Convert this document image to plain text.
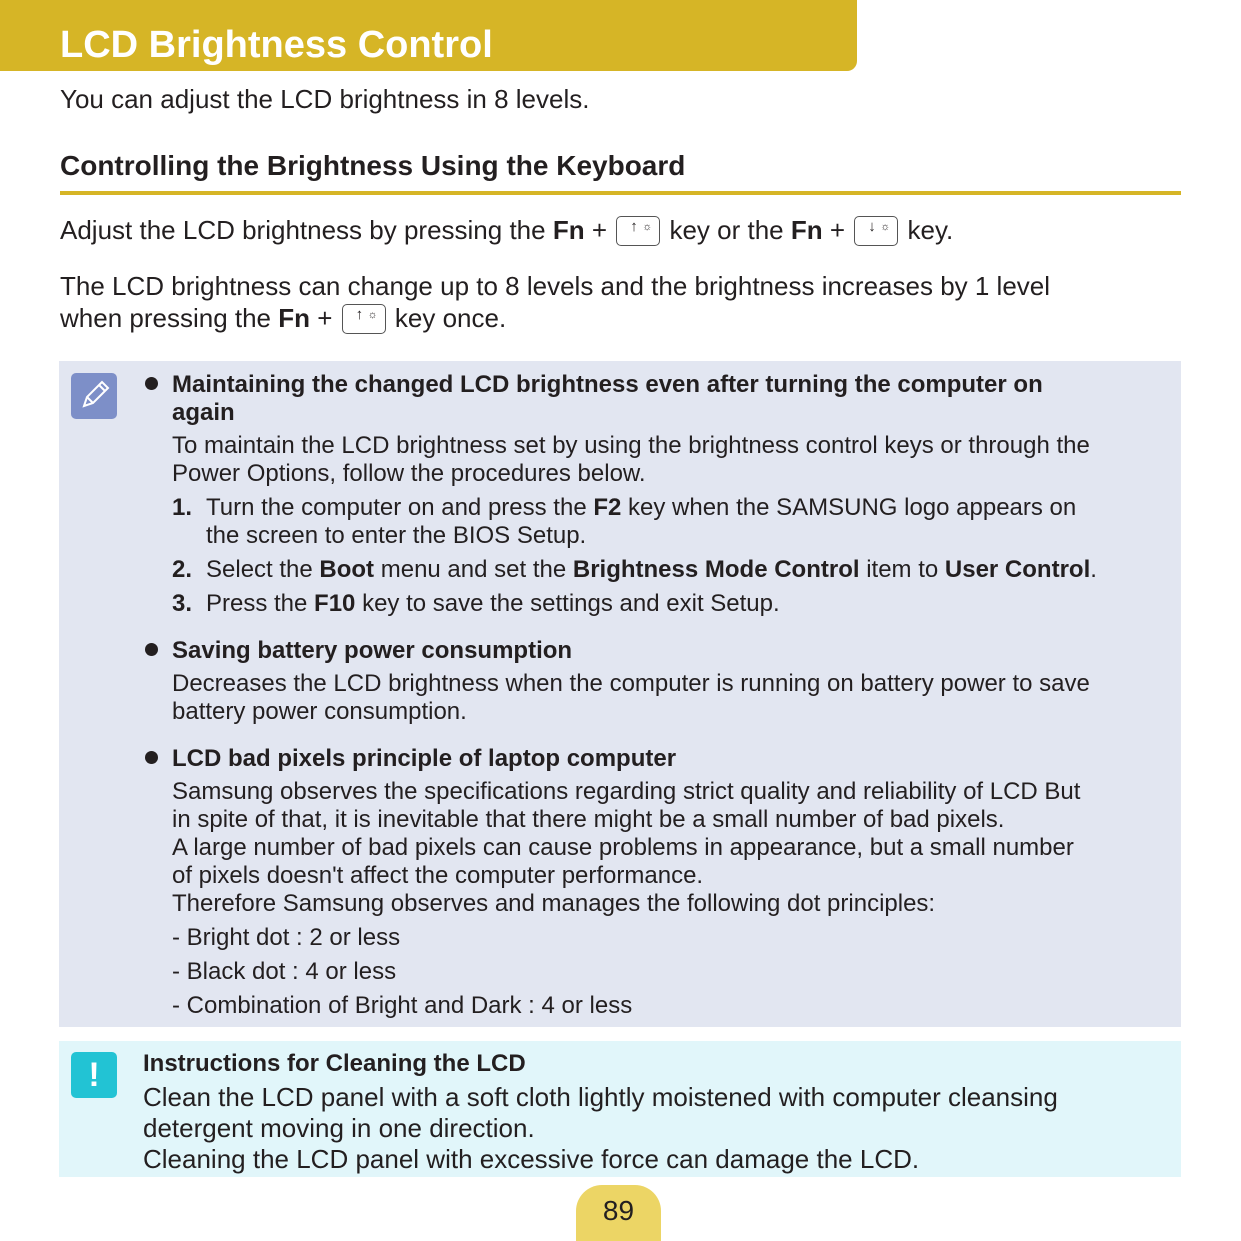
LCD Brightness Control
You can adjust the LCD brightness in 8 levels.
Controlling the Brightness Using the Keyboard
Adjust the LCD brightness by pressing the Fn + ↑ ☼ key or the Fn + ↓ ☼ key.
The LCD brightness can change up to 8 levels and the brightness increases by 1 level
when pressing the Fn + ↑ ☼ key once.
Maintaining the changed LCD brightness even after turning the computer on
again
To maintain the LCD brightness set by using the brightness control keys or through the
Power Options, follow the procedures below.
1. Turn the computer on and press the F2 key when the SAMSUNG logo appears on
the screen to enter the BIOS Setup.
2. Select the Boot menu and set the Brightness Mode Control item to User Control.
3. Press the F10 key to save the settings and exit Setup.
Saving battery power consumption
Decreases the LCD brightness when the computer is running on battery power to save
battery power consumption.
LCD bad pixels principle of laptop computer
Samsung observes the specifications regarding strict quality and reliability of LCD But
in spite of that, it is inevitable that there might be a small number of bad pixels.
A large number of bad pixels can cause problems in appearance, but a small number
of pixels doesn't affect the computer performance.
Therefore Samsung observes and manages the following dot principles:
- Bright dot : 2 or less
- Black dot : 4 or less
- Combination of Bright and Dark : 4 or less
!	Instructions for Cleaning the LCD
Clean the LCD panel with a soft cloth lightly moistened with computer cleansing
detergent moving in one direction.
Cleaning the LCD panel with excessive force can damage the LCD.
89
